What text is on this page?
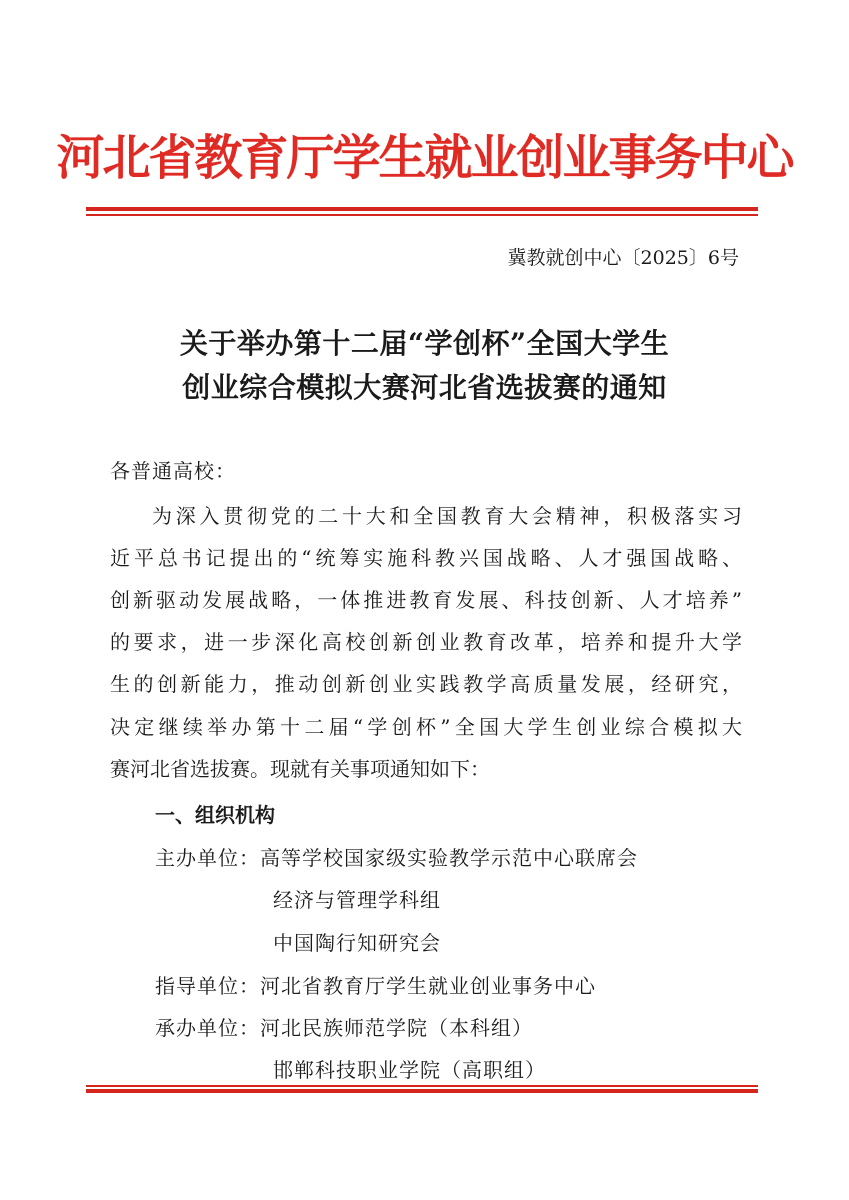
河北省教育厅学生就业创业事务中心
冀教就创中心〔2025〕6号
关于举办第十二届“学创杯”全国大学生
创业综合模拟大赛河北省选拔赛的通知
各普通高校：
为深入贯彻党的二十大和全国教育大会精神，积极落实习
近平总书记提出的“统筹实施科教兴国战略、人才强国战略、
创新驱动发展战略，一体推进教育发展、科技创新、人才培养”
的要求，进一步深化高校创新创业教育改革，培养和提升大学
生的创新能力，推动创新创业实践教学高质量发展，经研究，
决定继续举办第十二届“学创杯”全国大学生创业综合模拟大
赛河北省选拔赛。现就有关事项通知如下：
一、组织机构
主办单位：高等学校国家级实验教学示范中心联席会
经济与管理学科组
中国陶行知研究会
指导单位：河北省教育厅学生就业创业事务中心
承办单位：河北民族师范学院（本科组）
邯郸科技职业学院（高职组）
